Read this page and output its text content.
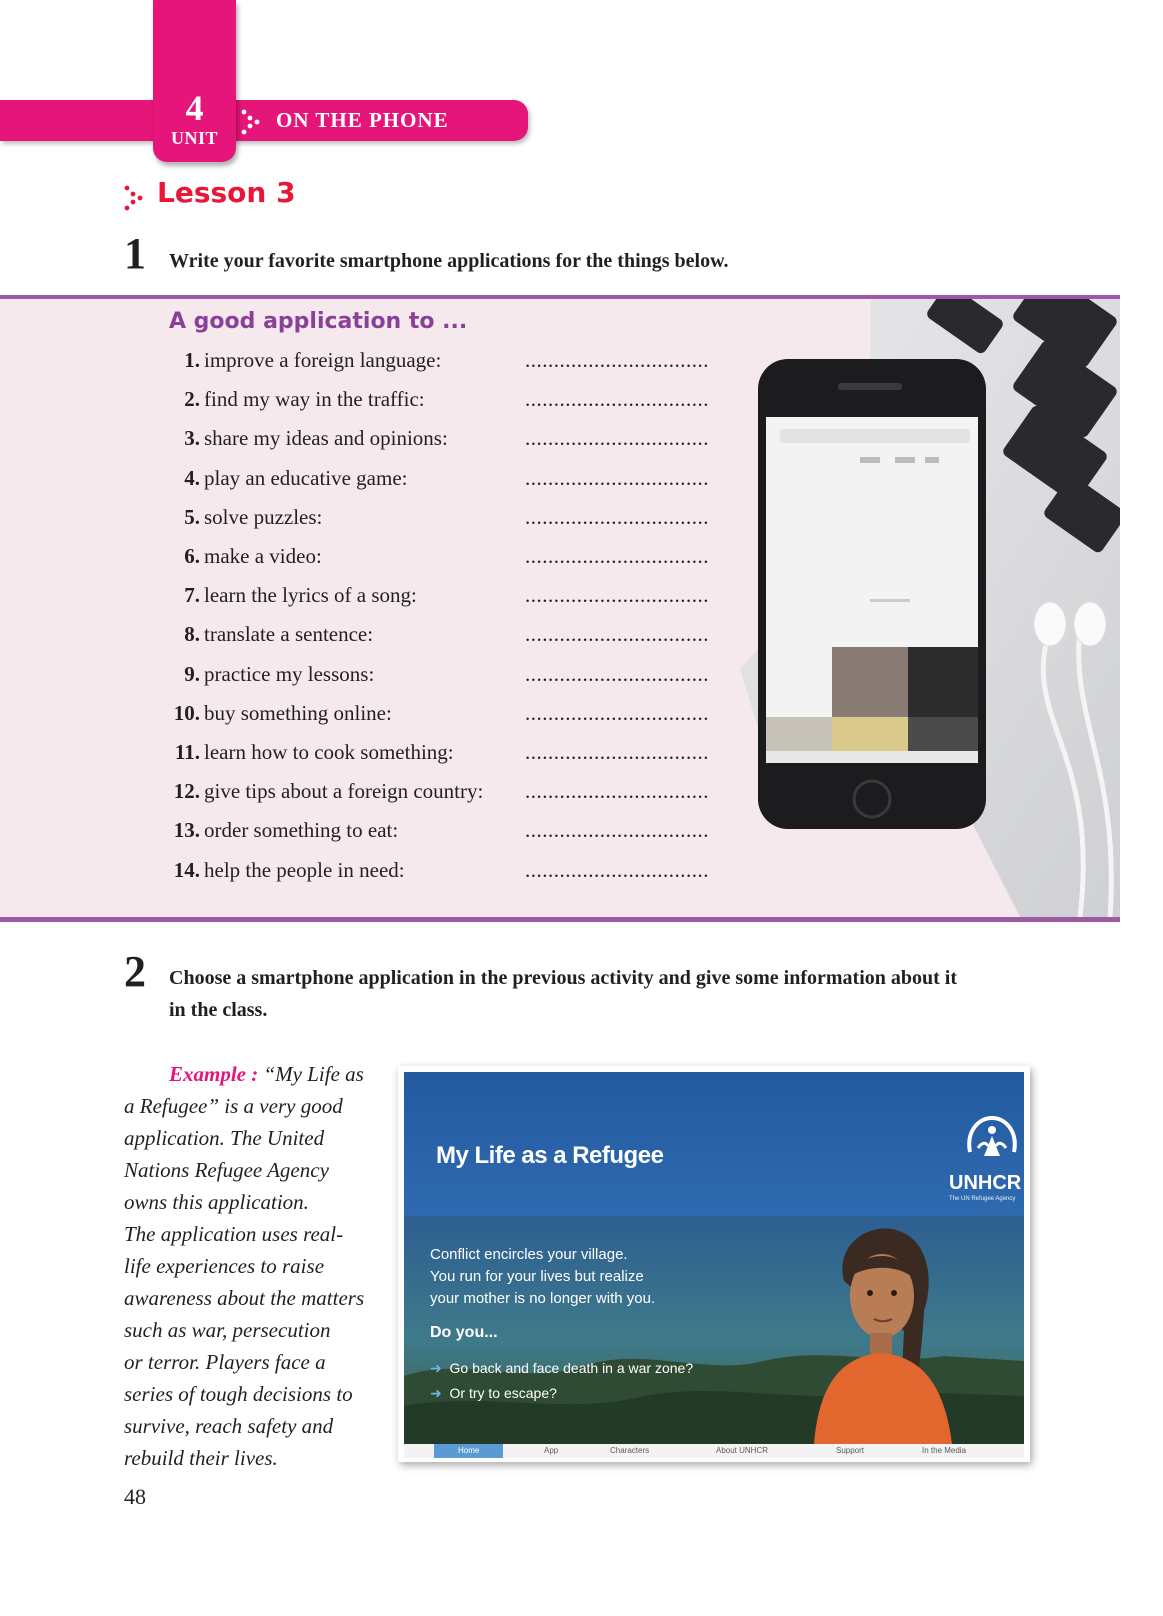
4
UNIT
ON THE PHONE
Lesson 3
1 Write your favorite smartphone applications for the things below.
A good application to ...
1. improve a foreign language:	................................
2. find my way in the traffic:	................................
3. share my ideas and opinions:	................................
4. play an educative game:	................................
5. solve puzzles:	................................
6. make a video:	................................
7. learn the lyrics of a song:	................................
8. translate a sentence:	................................
9. practice my lessons:	................................
10. buy something online:	................................
11. learn how to cook something:	................................
12. give tips about a foreign country: ................................
13. order something to eat:	................................
14. help the people in need:	................................
2 Choose a smartphone application in the previous activity and give some information about it
in the class.
Example : “My Life as
a Refugee” is a very good
application. The United
Nations Refugee Agency
owns this application.
The application uses real-
life experiences to raise
awareness about the matters
such as war, persecution
or terror. Players face a
series of tough decisions to
survive, reach safety and
rebuild their lives.
My Life as a Refugee
UNHCR
The UN Refugee Agency
Conflict encircles your village.
You run for your lives but realize
your mother is no longer with you.
Do you...
➜ Go back and face death in a war zone?
➜ Or try to escape?
Home	App	Characters	About UNHCR	Support	In the Media
48
